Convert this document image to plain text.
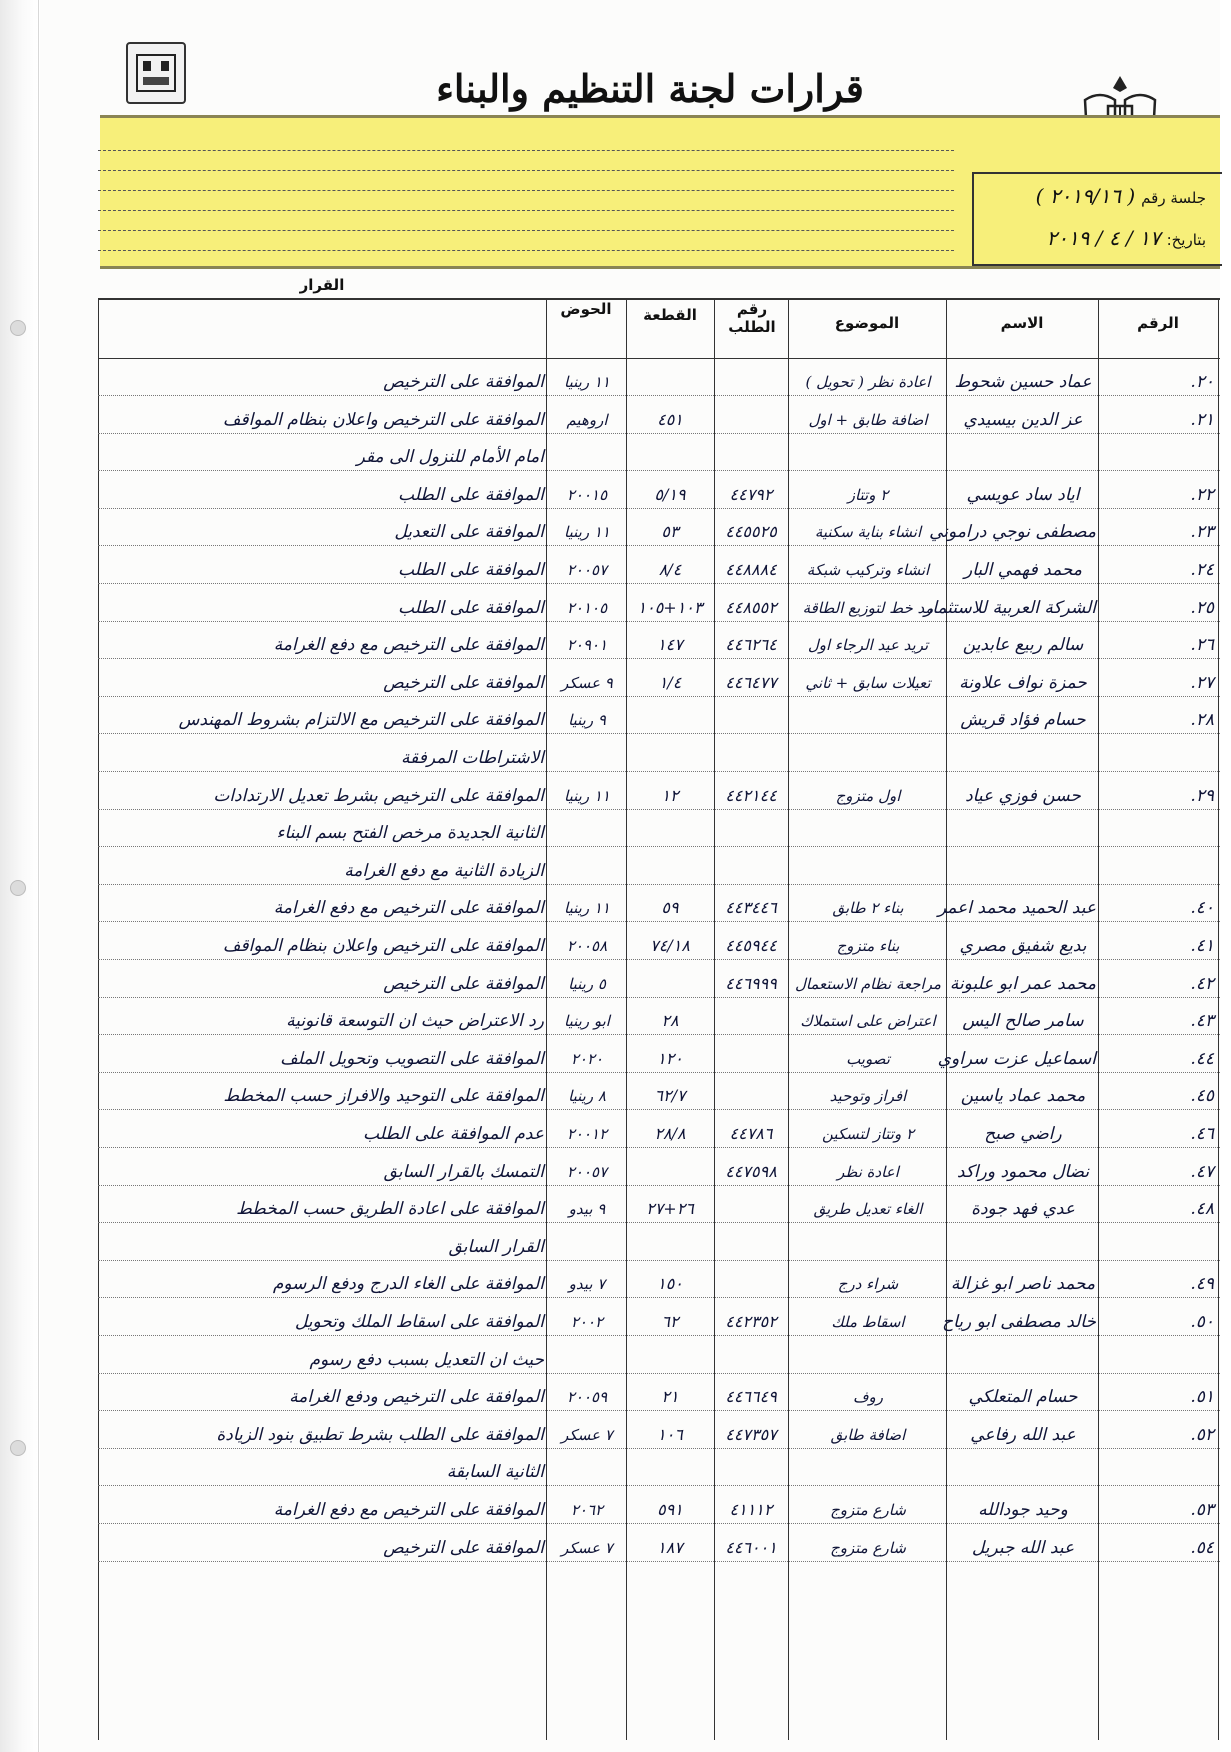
قرارات لجنة التنظيم والبناء
جلسة رقم( ٢٠١٩/١٦ )
بتاريخ:١٧ / ٤ / ٢٠١٩
الرقم
الاسم
الموضوع
رقم الطلب
القطعة
الحوض
القرار
٢٠.
عماد حسين شحوط
اعادة نظر ( تحويل )
١١ رينيا
الموافقة على الترخيص
٢١.
عز الدين بيسيدي
اضافة طابق + اول
٤٥١
اروهيم
الموافقة على الترخيص واعلان بنظام المواقف
امام الأمام للنزول الى مقر
٢٢.
اياد ساد عويسي
٢ وتتاز
٤٤٧٩٢
٥/١٩
٢٠٠١٥
الموافقة على الطلب
٢٣.
مصطفى نوجي دراموني
انشاء بناية سكنية
٤٤٥٥٢٥
٥٣
١١ رينيا
الموافقة على التعديل
٢٤.
محمد فهمي البار
انشاء وتركيب شبكة
٤٤٨٨٨٤
٨/٤
٢٠٠٥٧
الموافقة على الطلب
٢٥.
الشركة العربية للاستثمار
مد خط لتوزيع الطاقة
٤٤٨٥٥٢
١٠٣+١٠٥
٢٠١٠٥
الموافقة على الطلب
٢٦.
سالم ربيع عابدين
تريد عيد الرجاء اول
٤٤٦٢٦٤
١٤٧
٢٠٩٠١
الموافقة على الترخيص مع دفع الغرامة
٢٧.
حمزة نواف علاونة
تعيلات سابق + ثاني
٤٤٦٤٧٧
١/٤
٩ عسكر
الموافقة على الترخيص
٢٨.
حسام فؤاد قريش
٩ رينيا
الموافقة على الترخيص مع الالتزام بشروط المهندس
الاشتراطات المرفقة
٢٩.
حسن فوزي عياد
اول متزوج
٤٤٢١٤٤
١٢
١١ رينيا
الموافقة على الترخيص بشرط تعديل الارتدادات
الثانية الجديدة مرخص الفتح بسم البناء
الزيادة الثانية مع دفع الغرامة
٤٠.
عبد الحميد محمد اعمر
بناء ٢ طابق
٤٤٣٤٤٦
٥٩
١١ رينيا
الموافقة على الترخيص مع دفع الغرامة
٤١.
بديع شفيق مصري
بناء متزوج
٤٤٥٩٤٤
٧٤/١٨
٢٠٠٥٨
الموافقة على الترخيص واعلان بنظام المواقف
٤٢.
محمد عمر ابو علبونة
مراجعة نظام الاستعمال
٤٤٦٩٩٩
٥ رينيا
الموافقة على الترخيص
٤٣.
سامر صالح اليس
اعتراض على استملاك
٢٨
ابو رينيا
رد الاعتراض حيث ان التوسعة قانونية
٤٤.
اسماعيل عزت سراوي
تصويب
١٢٠
٢٠٢٠
الموافقة على التصويب وتحويل الملف
٤٥.
محمد عماد ياسين
افراز وتوحيد
٦٢/٧
٨ رينيا
الموافقة على التوحيد والافراز حسب المخطط
٤٦.
راضي صبح
٢ وتتاز لتسكين
٤٤٧٨٦
٢٨/٨
٢٠٠١٢
عدم الموافقة على الطلب
٤٧.
نضال محمود وراكد
اعادة نظر
٤٤٧٥٩٨
٢٠٠٥٧
التمسك بالقرار السابق
٤٨.
عدي فهد جودة
الغاء تعديل طريق
٢٦+٢٧
٩ بيدو
الموافقة على اعادة الطريق حسب المخطط
القرار السابق
٤٩.
محمد ناصر ابو غزالة
شراء درج
١٥٠
٧ بيدو
الموافقة على الغاء الدرج ودفع الرسوم
٥٠.
خالد مصطفى ابو رياح
اسقاط ملك
٤٤٢٣٥٢
٦٢
٢٠٠٢
الموافقة على اسقاط الملك وتحويل
حيث ان التعديل بسبب دفع رسوم
٥١.
حسام المتعلكي
روف
٤٤٦٦٤٩
٢١
٢٠٠٥٩
الموافقة على الترخيص ودفع الغرامة
٥٢.
عبد الله رفاعي
اضافة طابق
٤٤٧٣٥٧
١٠٦
٧ عسكر
الموافقة على الطلب بشرط تطبيق بنود الزيادة
الثانية السابقة
٥٣.
وحيد جودالله
شارع متزوج
٤١١١٢
٥٩١
٢٠٦٢
الموافقة على الترخيص مع دفع الغرامة
٥٤.
عبد الله جبريل
شارع متزوج
٤٤٦٠٠١
١٨٧
٧ عسكر
الموافقة على الترخيص
